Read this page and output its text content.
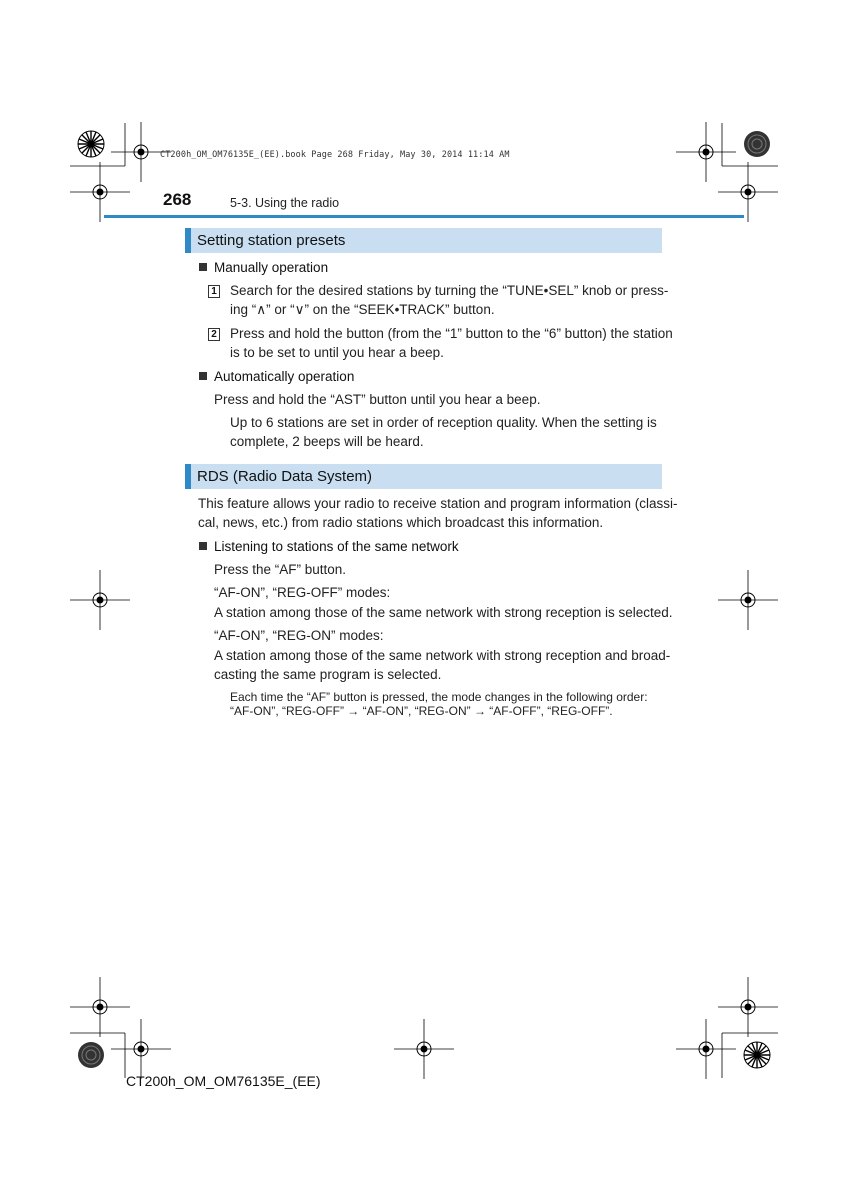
CT200h_OM_OM76135E_(EE).book Page 268 Friday, May 30, 2014 11:14 AM
268	5-3. Using the radio
Setting station presets
Manually operation
1 Search for the desired stations by turning the “TUNE•SEL” knob or press-
ing “∧” or “∨” on the “SEEK•TRACK” button.
2 Press and hold the button (from the “1” button to the “6” button) the station
is to be set to until you hear a beep.
Automatically operation
Press and hold the “AST” button until you hear a beep.
Up to 6 stations are set in order of reception quality. When the setting is
complete, 2 beeps will be heard.
RDS (Radio Data System)
This feature allows your radio to receive station and program information (classi-
cal, news, etc.) from radio stations which broadcast this information.
Listening to stations of the same network
Press the “AF” button.
“AF-ON”, “REG-OFF” modes:
A station among those of the same network with strong reception is selected.
“AF-ON”, “REG-ON” modes:
A station among those of the same network with strong reception and broad-
casting the same program is selected.
Each time the “AF” button is pressed, the mode changes in the following order:
“AF-ON”, “REG-OFF” → “AF-ON”, “REG-ON” → “AF-OFF”, “REG-OFF”.
CT200h_OM_OM76135E_(EE)
